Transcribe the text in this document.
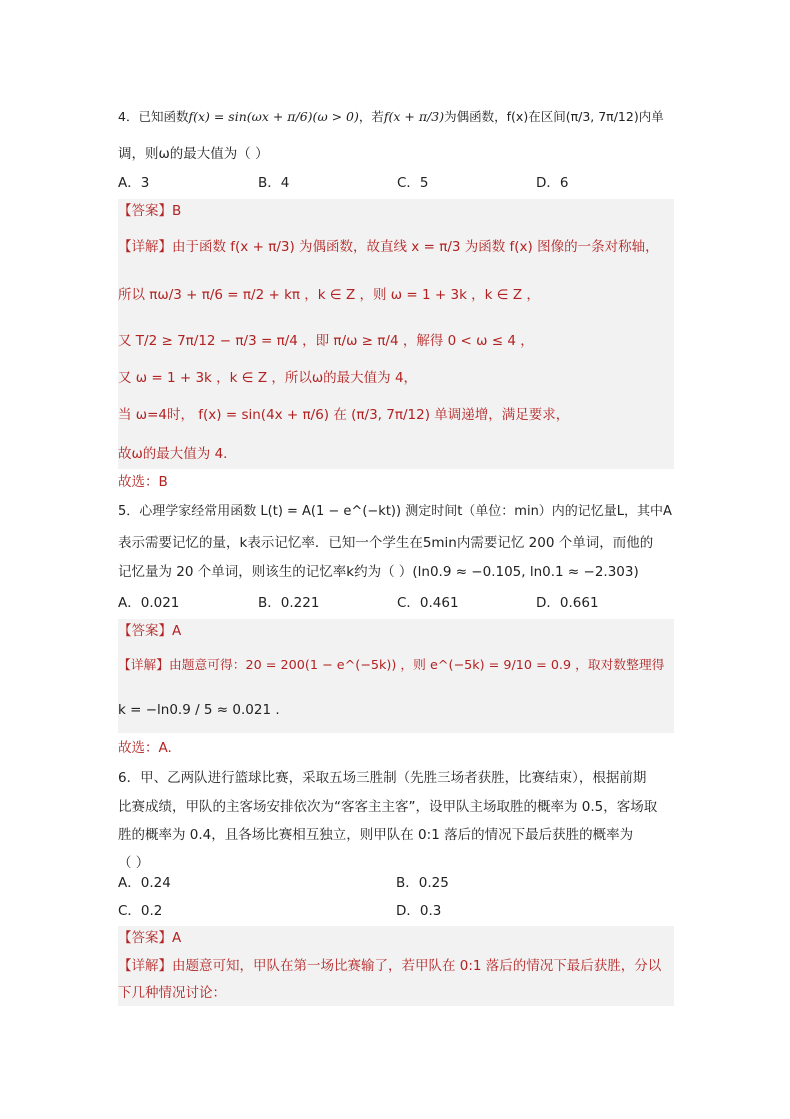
4．已知函数f(x) = sin(ωx + π/6)(ω > 0)，若f(x + π/3)为偶函数，f(x)在区间(π/3, 7π/12)内单
调，则ω的最大值为（ ）
A．3	B．4	C．5	D．6
【答案】B
【详解】由于函数 f(x + π/3) 为偶函数，故直线 x = π/3 为函数 f(x) 图像的一条对称轴，
所以 πω/3 + π/6 = π/2 + kπ ，k ∈ Z ，则 ω = 1 + 3k ，k ∈ Z ，
又 T/2 ≥ 7π/12 − π/3 = π/4 ，即 π/ω ≥ π/4 ，解得 0 < ω ≤ 4 ，
又 ω = 1 + 3k ，k ∈ Z ，所以ω的最大值为 4，
当 ω=4时， f(x) = sin(4x + π/6) 在 (π/3, 7π/12) 单调递增，满足要求，
故ω的最大值为 4.
故选：B
5．心理学家经常用函数 L(t) = A(1 − e^(−kt)) 测定时间t（单位：min）内的记忆量L，其中A
表示需要记忆的量，k表示记忆率．已知一个学生在5min内需要记忆 200 个单词，而他的
记忆量为 20 个单词，则该生的记忆率k约为（ ）(ln0.9 ≈ −0.105, ln0.1 ≈ −2.303)
A．0.021	B．0.221	C．0.461	D．0.661
【答案】A
【详解】由题意可得：20 = 200(1 − e^(−5k)) ，则 e^(−5k) = 9/10 = 0.9 ，取对数整理得
k = −ln0.9 / 5 ≈ 0.021 .
故选：A.
6．甲、乙两队进行篮球比赛，采取五场三胜制（先胜三场者获胜，比赛结束），根据前期
比赛成绩，甲队的主客场安排依次为“客客主主客”，设甲队主场取胜的概率为 0.5，客场取
胜的概率为 0.4，且各场比赛相互独立，则甲队在 0:1 落后的情况下最后获胜的概率为
（ ）
A．0.24	B．0.25
C．0.2	D．0.3
【答案】A
【详解】由题意可知，甲队在第一场比赛输了，若甲队在 0:1 落后的情况下最后获胜，分以
下几种情况讨论：
